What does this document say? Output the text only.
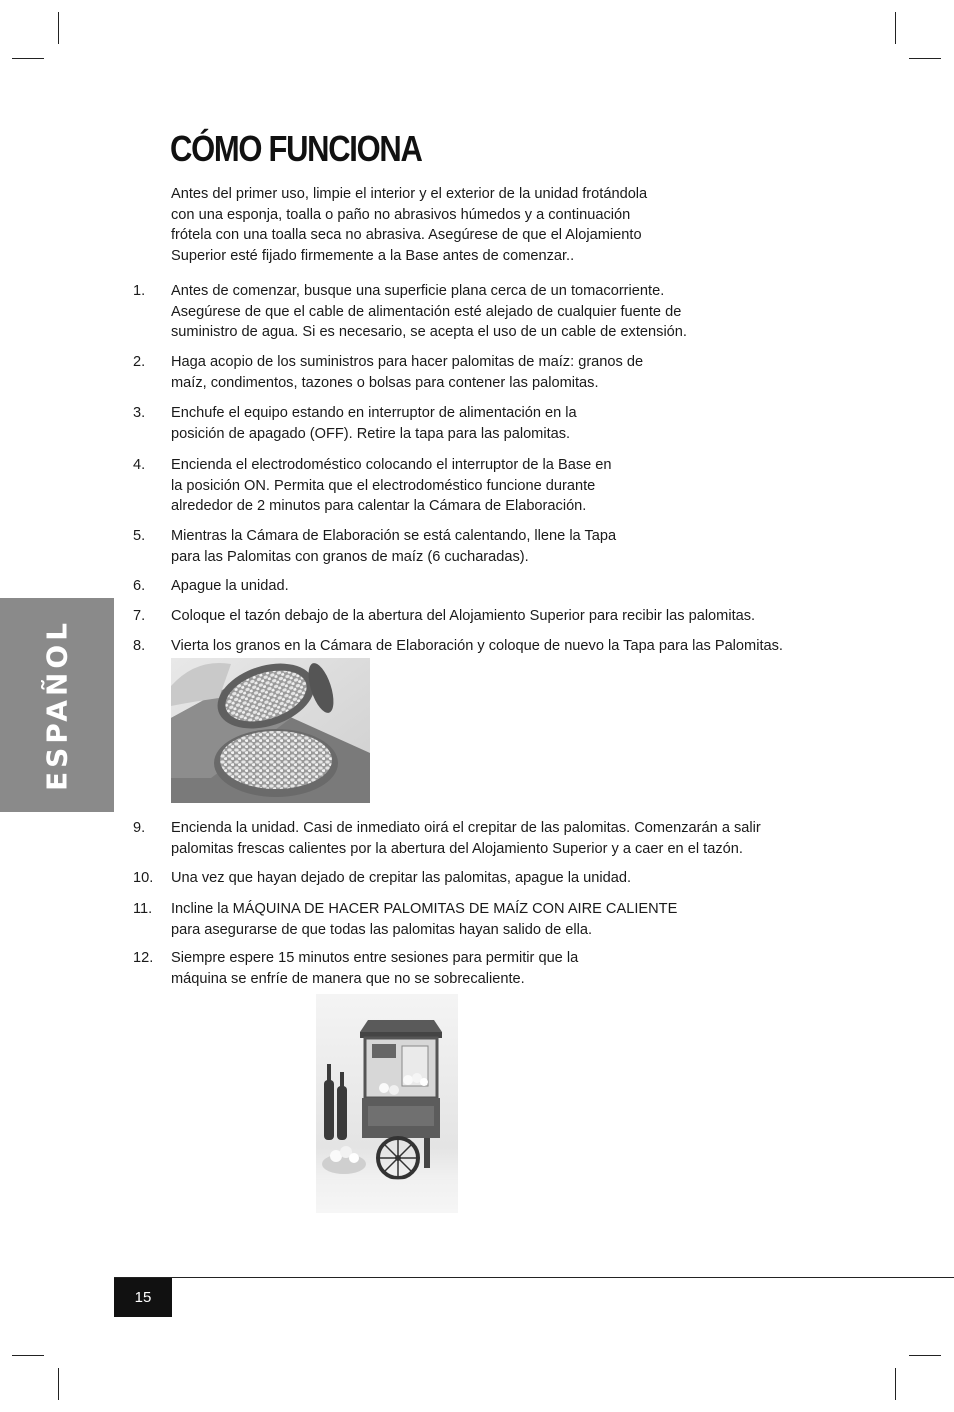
CÓMO FUNCIONA
Antes del primer uso, limpie el interior y el exterior de la unidad frotándola
con una esponja, toalla o paño no abrasivos húmedos y a continuación
frótela con una toalla seca no abrasiva. Asegúrese de que el Alojamiento
Superior esté fijado firmemente a la Base antes de comenzar..
1.	Antes de comenzar, busque una superficie plana cerca de un tomacorriente.
Asegúrese de que el cable de alimentación esté alejado de cualquier fuente de
suministro de agua. Si es necesario, se acepta el uso de un cable de extensión.
2.	Haga acopio de los suministros para hacer palomitas de maíz: granos de
maíz, condimentos, tazones o bolsas para contener las palomitas.
3.	Enchufe el equipo estando en interruptor de alimentación en la
posición de apagado (OFF). Retire la tapa para las palomitas.
4.	Encienda el electrodoméstico colocando el interruptor de la Base en
la posición ON. Permita que el electrodoméstico funcione durante
alrededor de 2 minutos para calentar la Cámara de Elaboración.
5.	Mientras la Cámara de Elaboración se está calentando, llene la Tapa
para las Palomitas con granos de maíz (6 cucharadas).
6.	Apague la unidad.
7.	Coloque el tazón debajo de la abertura del Alojamiento Superior para recibir las palomitas.
8.	Vierta los granos en la Cámara de Elaboración y coloque de nuevo la Tapa para las Palomitas.
9.	Encienda la unidad. Casi de inmediato oirá el crepitar de las palomitas. Comenzarán a salir
palomitas frescas calientes por la abertura del Alojamiento Superior y a caer en el tazón.
10.	Una vez que hayan dejado de crepitar las palomitas, apague la unidad.
11.	Incline la MÁQUINA DE HACER PALOMITAS DE MAÍZ CON AIRE CALIENTE
para asegurarse de que todas las palomitas hayan salido de ella.
12.	Siempre espere 15 minutos entre sesiones para permitir que la
máquina se enfríe de manera que no se sobrecaliente.
ESPAÑOL
15
